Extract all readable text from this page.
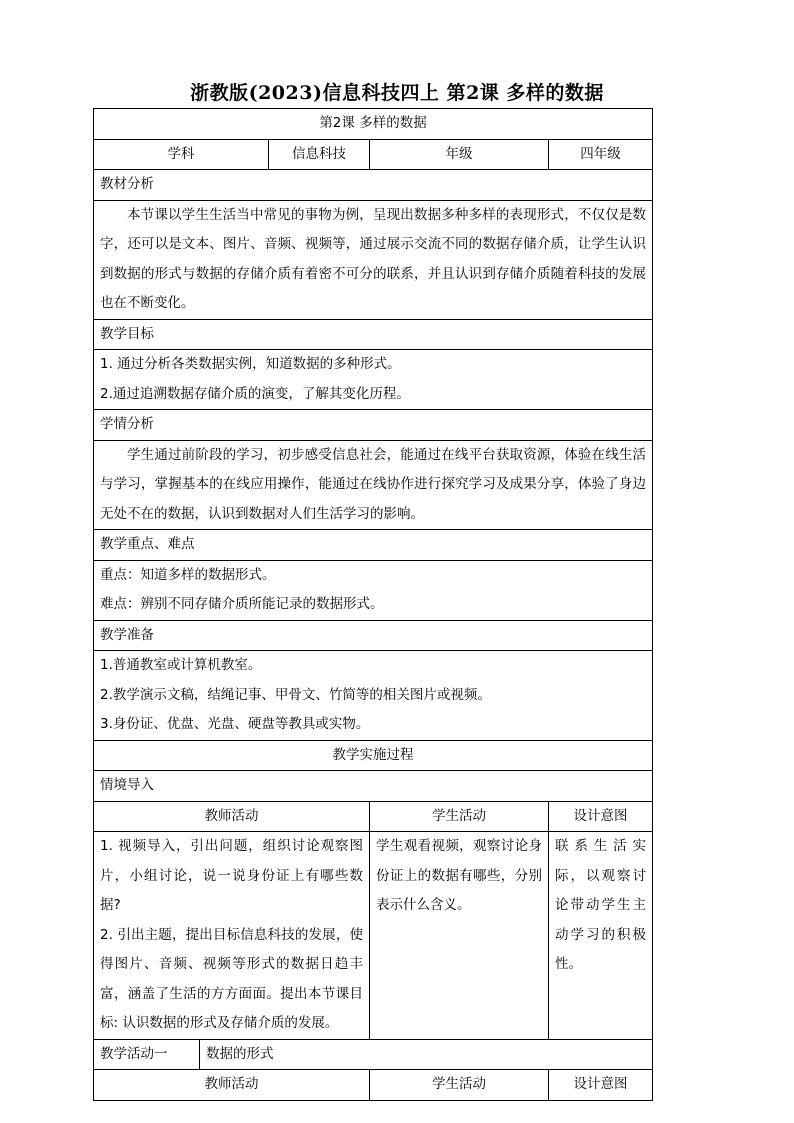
浙教版(2023)信息科技四上 第2课 多样的数据
第2课 多样的数据				
学科		信息科技	年级	四年级
教材分析				
本节课以学生生活当中常见的事物为例，呈现出数据多种多样的表现形式，不仅仅是数字，还可以是文本、图片、音频、视频等，通过展示交流不同的数据存储介质，让学生认识到数据的形式与数据的存储介质有着密不可分的联系，并且认识到存储介质随着科技的发展也在不断变化。				
教学目标				

1. 通过分析各类数据实例，知道数据的多种形式。
2.通过追溯数据存储介质的演变，了解其变化历程。				

学情分析				
学生通过前阶段的学习，初步感受信息社会，能通过在线平台获取资源，体验在线生活与学习，掌握基本的在线应用操作，能通过在线协作进行探究学习及成果分享，体验了身边无处不在的数据，认识到数据对人们生活学习的影响。				
教学重点、难点				

重点：知道多样的数据形式。
难点：辨别不同存储介质所能记录的数据形式。				

教学准备				

1.普通教室或计算机教室。
2.教学演示文稿，结绳记事、甲骨文、竹简等的相关图片或视频。
3.身份证、优盘、光盘、硬盘等教具或实物。				

教学实施过程				
情境导入				
教师活动			学生活动	设计意图

1. 视频导入，引出问题，组织讨论观察图片，小组讨论，说一说身份证上有哪些数据?
2. 引出主题，提出目标信息科技的发展，使得图片、音频、视频等形式的数据日趋丰富，涵盖了生活的方方面面。提出本节课目标: 认识数据的形式及存储介质的发展。			学生观看视频，观察讨论身份证上的数据有哪些，分别表示什么含义。	联系生活实际，以观察讨论带动学生主动学习的积极性。
教学活动一	数据的形式			
教师活动			学生活动	设计意图
